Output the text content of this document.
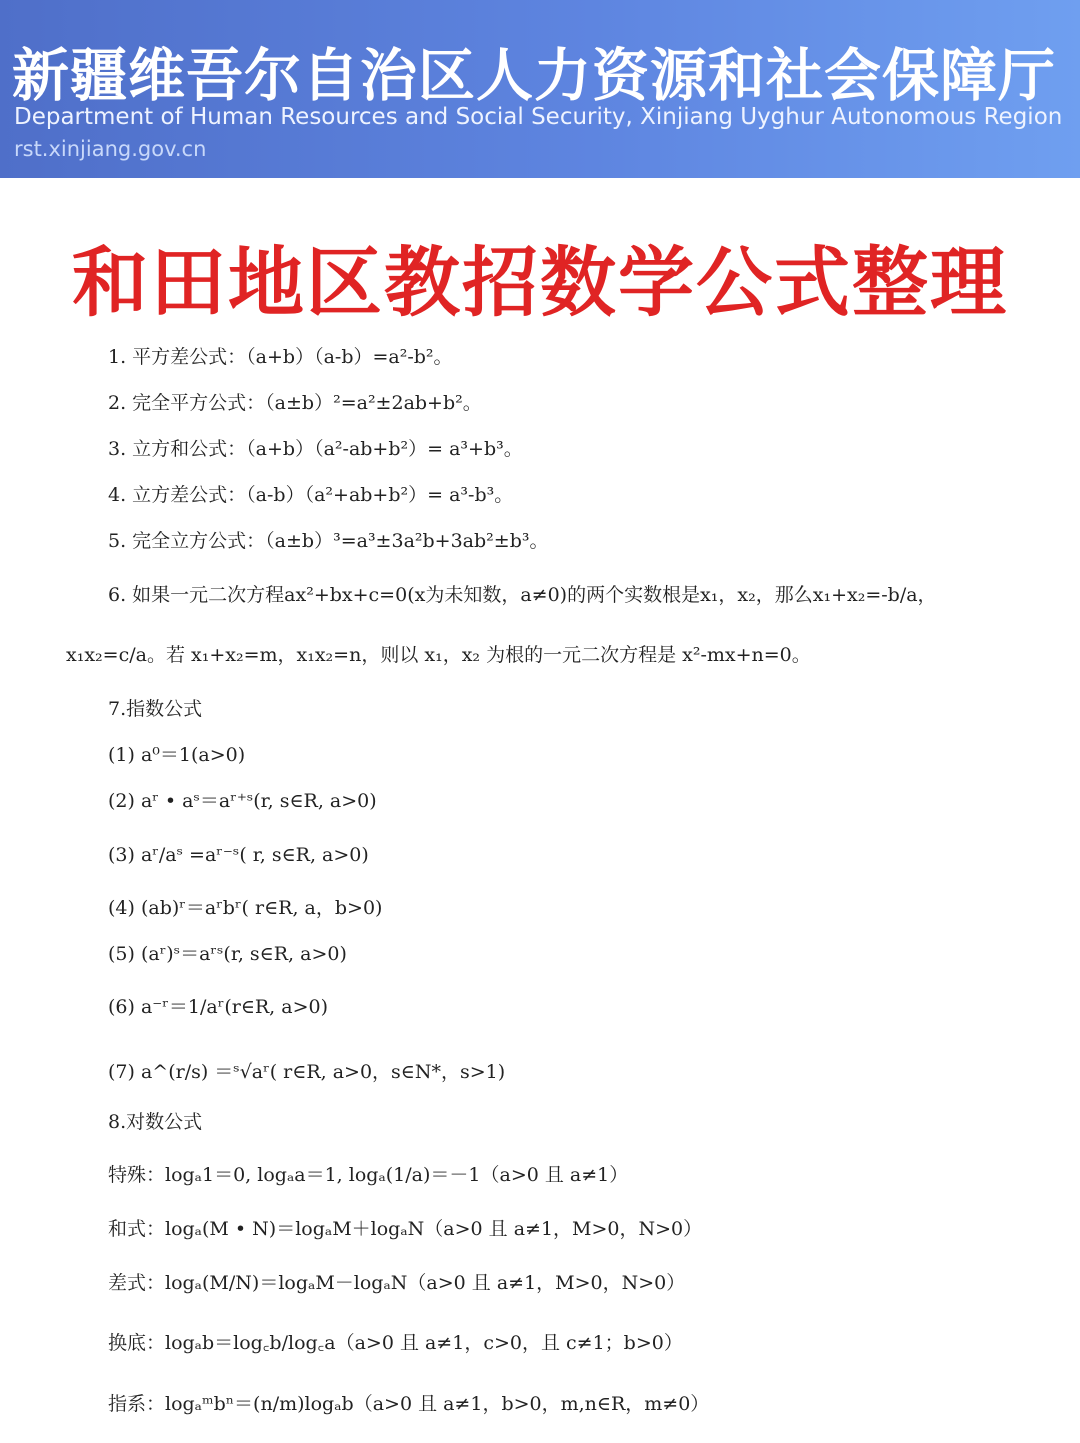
新疆维吾尔自治区人力资源和社会保障厅
Department of Human Resources and Social Security, Xinjiang Uyghur Autonomous Region
rst.xinjiang.gov.cn
和田地区教招数学公式整理
1. 平方差公式：（a+b）（a-b）=a²-b²。
2. 完全平方公式：（a±b）²=a²±2ab+b²。
3. 立方和公式：（a+b）（a²-ab+b²）= a³+b³。
4. 立方差公式：（a-b）（a²+ab+b²）= a³-b³。
5. 完全立方公式：（a±b）³=a³±3a²b+3ab²±b³。
6. 如果一元二次方程ax²+bx+c=0(x为未知数，a≠0)的两个实数根是x₁，x₂，那么x₁+x₂=-b/a，
x₁x₂=c/a。若 x₁+x₂=m，x₁x₂=n，则以 x₁，x₂ 为根的一元二次方程是 x²-mx+n=0。
7.指数公式
(1) a⁰＝1(a>0)
(2) aʳ • aˢ＝aʳ⁺ˢ(r, s∈R, a>0)
(3) aʳ/aˢ =aʳ⁻ˢ( r, s∈R, a>0)
(4) (ab)ʳ＝aʳbʳ( r∈R, a，b>0)
(5) (aʳ)ˢ＝aʳˢ(r, s∈R, a>0)
(6) a⁻ʳ＝1/aʳ(r∈R, a>0)
(7) a^(r/s) ＝ˢ√aʳ( r∈R, a>0，s∈N*，s>1)
8.对数公式
特殊：logₐ1＝0, logₐa＝1, logₐ(1/a)＝－1（a>0 且 a≠1）
和式：logₐ(M • N)＝logₐM＋logₐN（a>0 且 a≠1，M>0，N>0）
差式：logₐ(M/N)＝logₐM－logₐN（a>0 且 a≠1，M>0，N>0）
换底：logₐb＝log꜀b/log꜀a（a>0 且 a≠1，c>0，且 c≠1；b>0）
指系：logₐᵐbⁿ＝(n/m)logₐb（a>0 且 a≠1，b>0，m,n∈R，m≠0）
